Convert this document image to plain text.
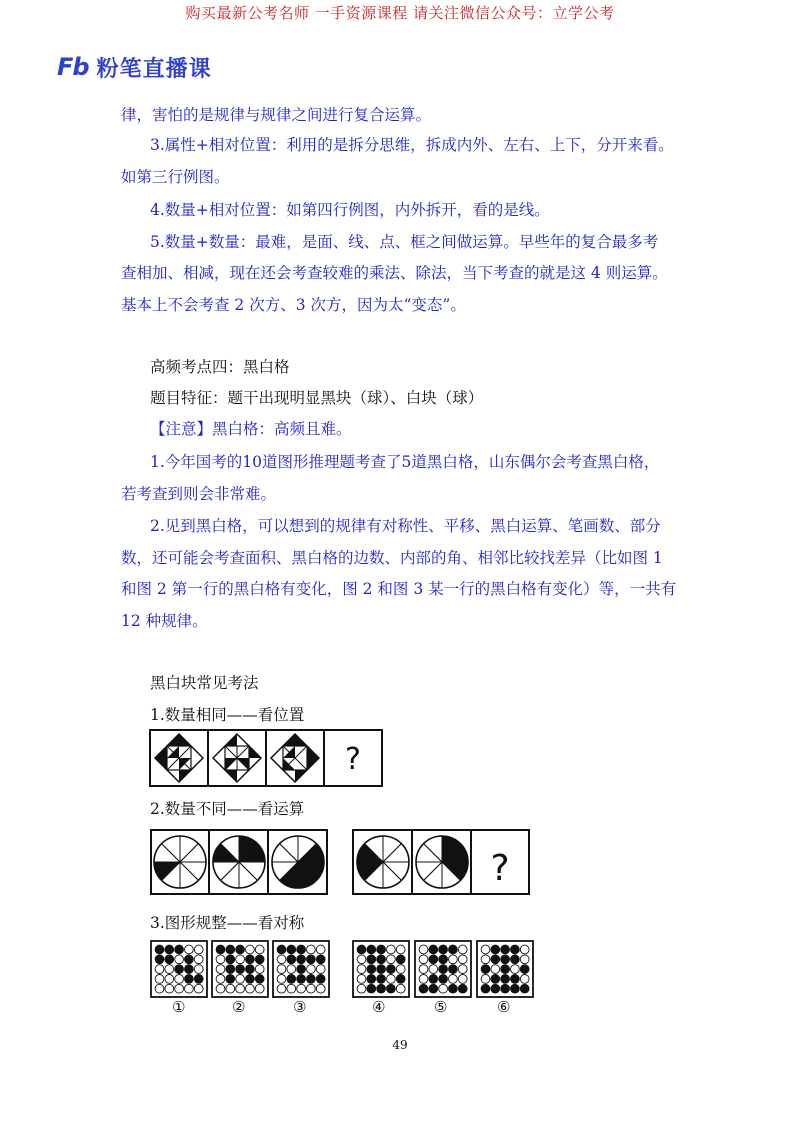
购买最新公考名师 一手资源课程 请关注微信公众号：立学公考
Fb 粉笔直播课
律，害怕的是规律与规律之间进行复合运算。
3.属性+相对位置：利用的是拆分思维，拆成内外、左右、上下，分开来看。
如第三行例图。
4.数量+相对位置：如第四行例图，内外拆开，看的是线。
5.数量+数量：最难，是面、线、点、框之间做运算。早些年的复合最多考
查相加、相减，现在还会考查较难的乘法、除法，当下考查的就是这 4 则运算。
基本上不会考查 2 次方、3 次方，因为太“变态”。
高频考点四：黑白格
题目特征：题干出现明显黑块（球）、白块（球）
【注意】黑白格：高频且难。
1.今年国考的10道图形推理题考查了5道黑白格，山东偶尔会考查黑白格，
若考查到则会非常难。
2.见到黑白格，可以想到的规律有对称性、平移、黑白运算、笔画数、部分
数，还可能会考查面积、黑白格的边数、内部的角、相邻比较找差异（比如图 1
和图 2 第一行的黑白格有变化，图 2 和图 3 某一行的黑白格有变化）等，一共有
12 种规律。
黑白块常见考法
1.数量相同——看位置
?
2.数量不同——看运算
?
3.图形规整——看对称
①	②	③	④	⑤	⑥
49
